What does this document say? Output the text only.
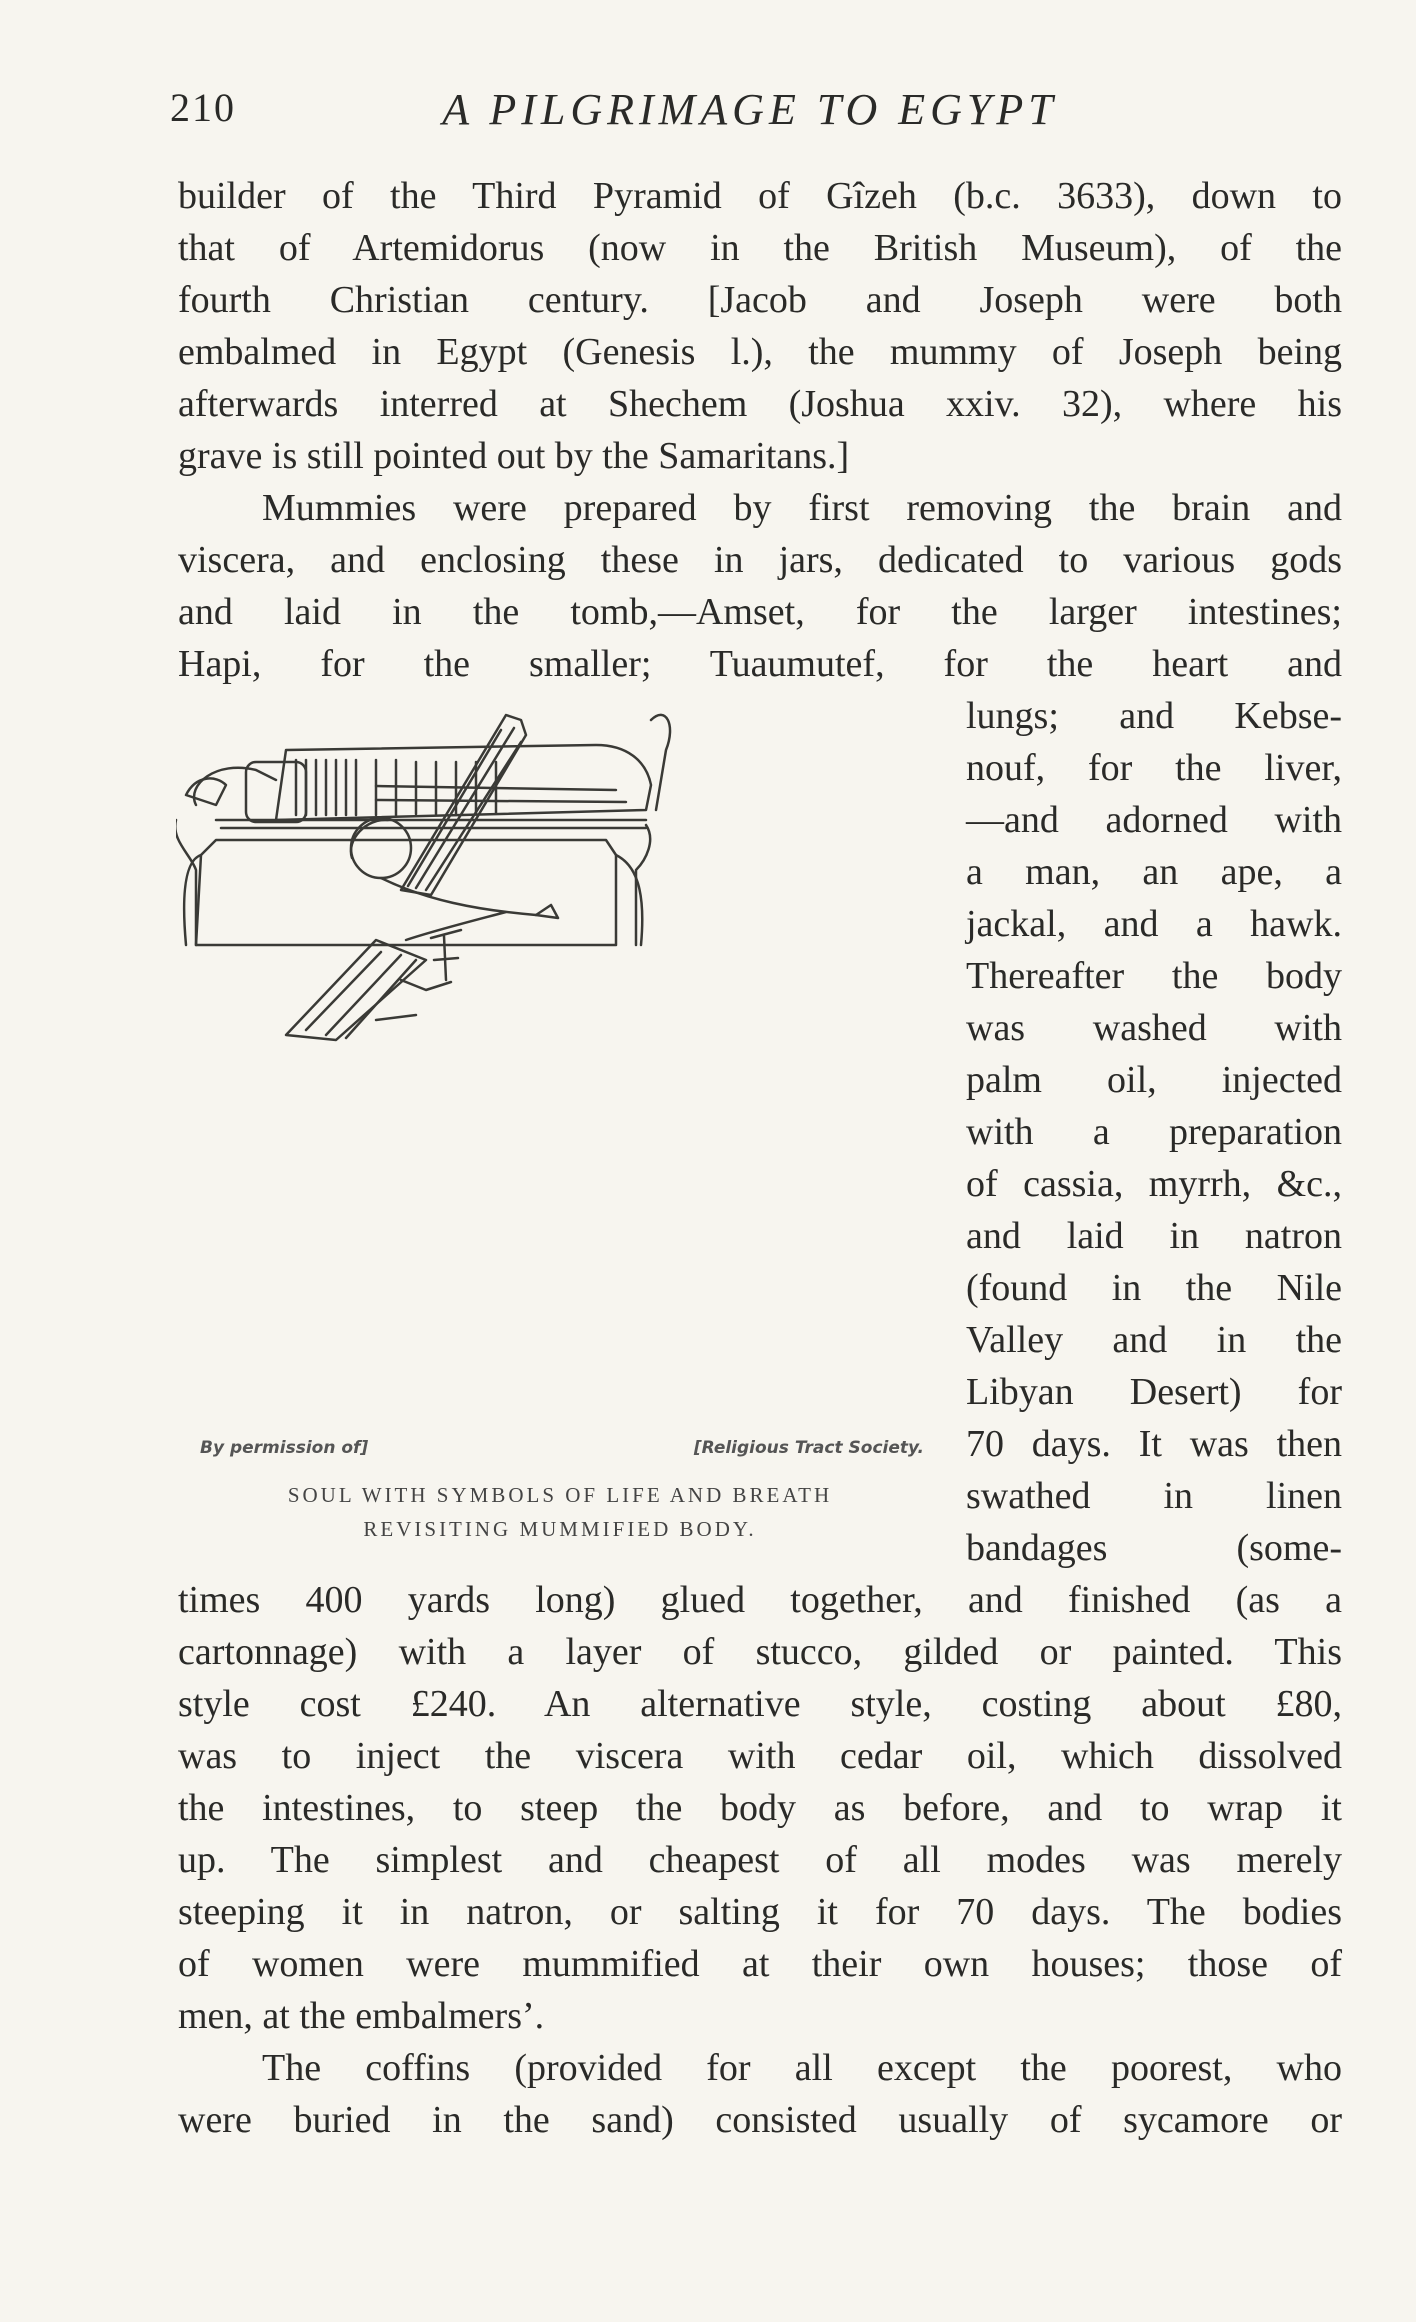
210	A PILGRIMAGE TO EGYPT

builder of the Third Pyramid of Gîzeh (b.c. 3633), down to

that of Artemidorus (now in the British Museum), of the

fourth Christian century. [Jacob and Joseph were both

embalmed in Egypt (Genesis l.), the mummy of Joseph being

afterwards interred at Shechem (Joshua xxiv. 32), where his

grave is still pointed out by the Samaritans.]

Mummies were prepared by first removing the brain and

viscera, and enclosing these in jars, dedicated to various gods

and laid in the tomb,—Amset, for the larger intestines;

Hapi, for the smaller; Tuaumutef, for the heart and

lungs; and Kebse-

nouf, for the liver,

—and adorned with

a man, an ape, a

jackal, and a hawk.

Thereafter the body

was washed with

palm oil, injected

with a preparation

of cassia, myrrh, &c.,

and laid in natron

(found in the Nile

Valley and in the

Libyan Desert) for

70 days. It was then

swathed in linen

bandages (some-

times 400 yards long) glued together, and finished (as a

cartonnage) with a layer of stucco, gilded or painted. This

style cost £240. An alternative style, costing about £80,

was to inject the viscera with cedar oil, which dissolved

the intestines, to steep the body as before, and to wrap it

up. The simplest and cheapest of all modes was merely

steeping it in natron, or salting it for 70 days. The bodies

of women were mummified at their own houses; those of

men, at the embalmers’.

The coffins (provided for all except the poorest, who

were buried in the sand) consisted usually of sycamore or

By permission of]	[Religious Tract Society.
SOUL WITH SYMBOLS OF LIFE AND BREATH
REVISITING MUMMIFIED BODY.
